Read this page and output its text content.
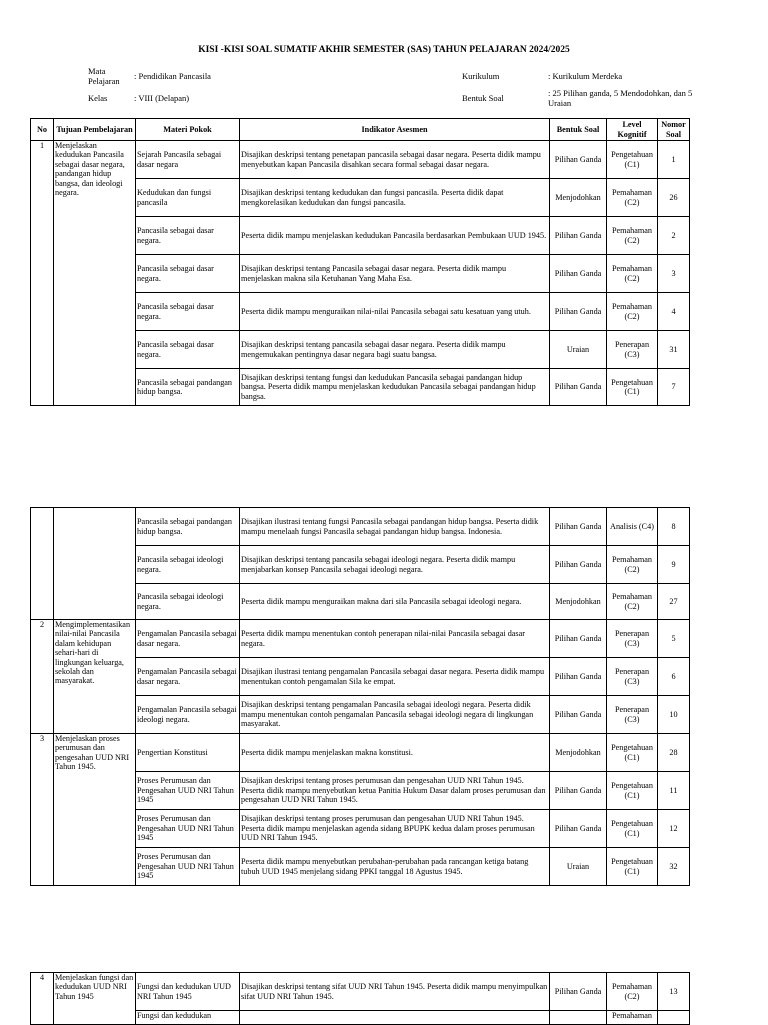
KISI -KISI SOAL SUMATIF AKHIR SEMESTER (SAS) TAHUN PELAJARAN 2024/2025
Mata Pelajaran	: Pendidikan Pancasila
Kelas	: VIII (Delapan)
Kurikulum	: Kurikulum Merdeka
Bentuk Soal	: 25 Pilihan ganda, 5 Mendodohkan, dan 5 Uraian
No	Tujuan Pembelajaran	Materi Pokok	Indikator Asesmen	Bentuk Soal	Level Kognitif	Nomor Soal
1	Menjelaskan kedudukan Pancasila sebagai dasar negara, pandangan hidup bangsa, dan ideologi negara.	Sejarah Pancasila sebagai dasar negara	Disajikan deskripsi tentang penetapan pancasila sebagai dasar negara. Peserta didik mampu menyebutkan kapan Pancasila disahkan secara formal sebagai dasar negara.	Pilihan Ganda	Pengetahuan (C1)	1
		Kedudukan dan fungsi pancasila	Disajikan deskripsi tentang kedudukan dan fungsi pancasila. Peserta didik dapat mengkorelasikan kedudukan dan fungsi pancasila.	Menjodohkan	Pemahaman (C2)	26
		Pancasila sebagai dasar negara.	Peserta didik mampu menjelaskan kedudukan Pancasila berdasarkan Pembukaan UUD 1945.	Pilihan Ganda	Pemahaman (C2)	2
		Pancasila sebagai dasar negara.	Disajikan deskripsi tentang Pancasila sebagai dasar negara. Peserta didik mampu menjelaskan makna sila Ketuhanan Yang Maha Esa.	Pilihan Ganda	Pemahaman (C2)	3
		Pancasila sebagai dasar negara.	Peserta didik mampu menguraikan nilai-nilai Pancasila sebagai satu kesatuan yang utuh.	Pilihan Ganda	Pemahaman (C2)	4
		Pancasila sebagai dasar negara.	Disajikan deskripsi tentang pancasila sebagai dasar negara. Peserta didik mampu mengemukakan pentingnya dasar negara bagi suatu bangsa.	Uraian	Penerapan (C3)	31
		Pancasila sebagai pandangan hidup bangsa.	Disajikan deskripsi tentang fungsi dan kedudukan Pancasila sebagai pandangan hidup bangsa. Peserta didik mampu menjelaskan kedudukan Pancasila sebagai pandangan hidup bangsa.	Pilihan Ganda	Pengetahuan (C1)	7
		Pancasila sebagai pandangan hidup bangsa.	Disajikan ilustrasi tentang fungsi Pancasila sebagai pandangan hidup bangsa. Peserta didik mampu menelaah fungsi Pancasila sebagai pandangan hidup bangsa. Indonesia.	Pilihan Ganda	Analisis (C4)	8
		Pancasila sebagai ideologi negara.	Disajikan deskripsi tentang pancasila sebagai ideologi negara. Peserta didik mampu menjabarkan konsep Pancasila sebagai ideologi negara.	Pilihan Ganda	Pemahaman (C2)	9
		Pancasila sebagai ideologi negara.	Peserta didik mampu menguraikan makna dari sila Pancasila sebagai ideologi negara.	Menjodohkan	Pemahaman (C2)	27
2	Mengimplementasikan nilai-nilai Pancasila dalam kehidupan sehari-hari di lingkungan keluarga, sekolah dan masyarakat.	Pengamalan Pancasila sebagai dasar negara.	Peserta didik mampu menentukan contoh penerapan nilai-nilai Pancasila sebagai dasar negara.	Pilihan Ganda	Penerapan (C3)	5
		Pengamalan Pancasila sebagai dasar negara.	Disajikan ilustrasi tentang pengamalan Pancasila sebagai dasar negara. Peserta didik mampu menentukan contoh pengamalan Sila ke empat.	Pilihan Ganda	Penerapan (C3)	6
		Pengamalan Pancasila sebagai ideologi negara.	Disajikan deskripsi tentang pengamalan Pancasila sebagai ideologi negara. Peserta didik mampu menentukan contoh pengamalan Pancasila sebagai ideologi negara di lingkungan masyarakat.	Pilihan Ganda	Penerapan (C3)	10
3	Menjelaskan proses perumusan dan pengesahan UUD NRI Tahun 1945.	Pengertian Konstitusi	Peserta didik mampu menjelaskan makna konstitusi.	Menjodohkan	Pengetahuan (C1)	28
		Proses Perumusan dan Pengesahan UUD NRI Tahun 1945	Disajikan deskripsi tentang proses perumusan dan pengesahan UUD NRI Tahun 1945. Peserta didik mampu menyebutkan ketua Panitia Hukum Dasar dalam proses perumusan dan pengesahan UUD NRI Tahun 1945.	Pilihan Ganda	Pengetahuan (C1)	11
		Proses Perumusan dan Pengesahan UUD NRI Tahun 1945	Disajikan deskripsi tentang proses perumusan dan pengesahan UUD NRI Tahun 1945. Peserta didik mampu menjelaskan agenda sidang BPUPK kedua dalam proses perumusan UUD NRI Tahun 1945.	Pilihan Ganda	Pengetahuan (C1)	12
		Proses Perumusan dan Pengesahan UUD NRI Tahun 1945	Peserta didik mampu menyebutkan perubahan-perubahan pada rancangan ketiga batang tubuh UUD 1945 menjelang sidang PPKI tanggal 18 Agustus 1945.	Uraian	Pengetahuan (C1)	32
4	Menjelaskan fungsi dan kedudukan UUD NRI Tahun 1945	Fungsi dan kedudukan UUD NRI Tahun 1945	Disajikan deskripsi tentang sifat UUD NRI Tahun 1945. Peserta didik mampu menyimpulkan sifat UUD NRI Tahun 1945.	Pilihan Ganda	Pemahaman (C2)	13
		Fungsi dan kedudukan			Pemahaman	
